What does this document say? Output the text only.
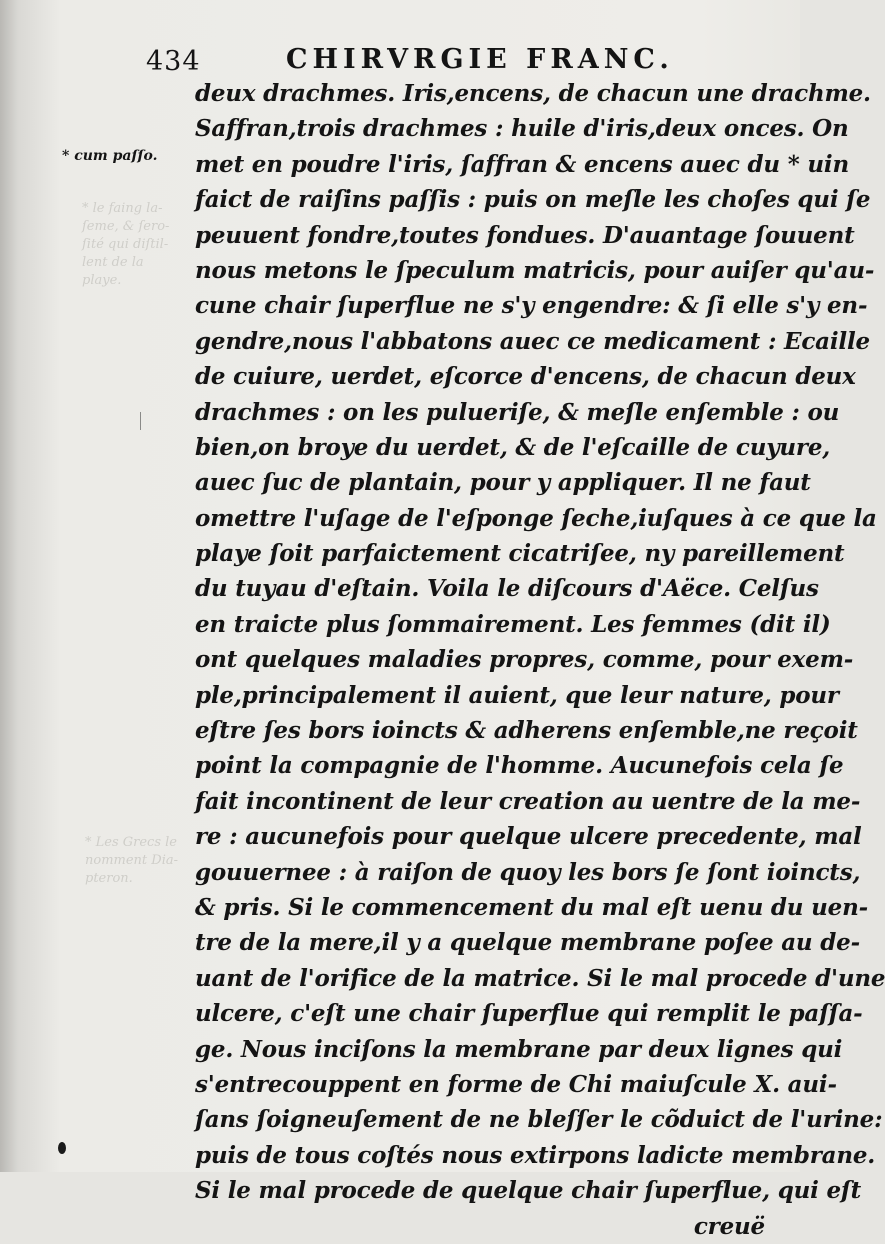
434	CHIRVRGIE FRANC.
* cum paſſo.
* le faing la-
ſeme, & ſero-
ſité qui diſtil-
lent de la
playe.
* Les Grecs le
nomment Dia-
pteron.
deux drachmes. Iris,encens, de chacun une drachme.
Saffran,trois drachmes : huile d'iris,deux onces. On
met en poudre l'iris, ſaffran & encens auec du * uin
faict de raiſins paſſis : puis on meſle les choſes qui ſe
peuuent fondre,toutes fondues. D'auantage ſouuent
nous metons le ſpeculum matricis, pour auiſer qu'au-
cune chair ſuperflue ne s'y engendre: & ſi elle s'y en-
gendre,nous l'abbatons auec ce medicament : Ecaille
de cuiure, uerdet, eſcorce d'encens, de chacun deux
drachmes : on les pulueriſe, & meſle enſemble : ou
bien,on broye du uerdet, & de l'eſcaille de cuyure,
auec ſuc de plantain, pour y appliquer. Il ne faut
omettre l'uſage de l'eſponge ſeche,iuſques à ce que la
playe ſoit parfaictement cicatriſee, ny pareillement
du tuyau d'eſtain. Voila le diſcours d'Aëce. Celſus
en traicte plus ſommairement. Les femmes (dit il)
ont quelques maladies propres, comme, pour exem-
ple,principalement il auient, que leur nature, pour
eſtre ſes bors ioincts & adherens enſemble,ne reçoit
point la compagnie de l'homme. Aucunefois cela ſe
fait incontinent de leur creation au uentre de la me-
re : aucunefois pour quelque ulcere precedente, mal
gouuernee : à raiſon de quoy les bors ſe ſont ioincts,
& pris. Si le commencement du mal eſt uenu du uen-
tre de la mere,il y a quelque membrane poſee au de-
uant de l'orifice de la matrice. Si le mal procede d'une
ulcere, c'eſt une chair ſuperflue qui remplit le paſſa-
ge. Nous inciſons la membrane par deux lignes qui
s'entrecouppent en forme de Chi maiuſcule X. aui-
ſans ſoigneuſement de ne bleſſer le cõduict de l'urine:
puis de tous coſtés nous extirpons ladicte membrane.
Si le mal procede de quelque chair ſuperflue, qui eſt
creuë
